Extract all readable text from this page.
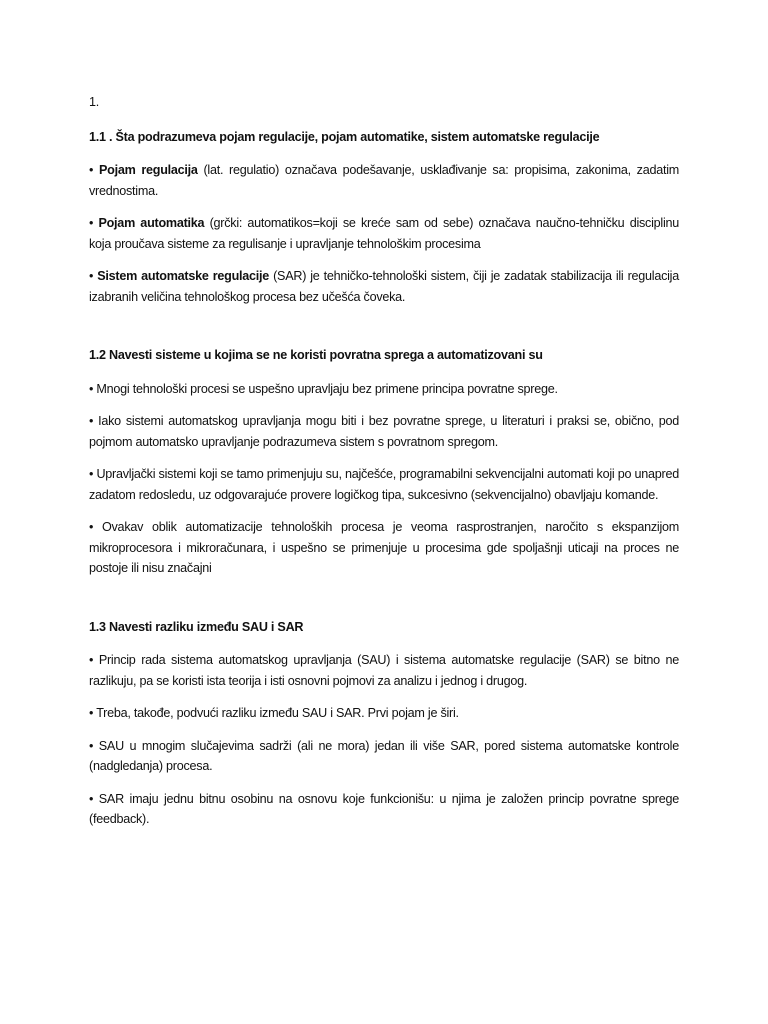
1.

1.1 . Šta podrazumeva pojam regulacije, pojam automatike, sistem automatske regulacije

• Pojam regulacija (lat. regulatio) označava podešavanje, usklađivanje sa: propisima, zakonima, zadatim vrednostima.

• Pojam automatika (grčki: automatikos=koji se kreće sam od sebe) označava naučno-tehničku disciplinu koja proučava sisteme za regulisanje i upravljanje tehnološkim procesima

• Sistem automatske regulacije (SAR) je tehničko-tehnološki sistem, čiji je zadatak stabilizacija ili regulacija izabranih veličina tehnološkog procesa bez učešća čoveka.

1.2 Navesti sisteme u kojima se ne koristi povratna sprega a automatizovani su

• Mnogi tehnološki procesi se uspešno upravljaju bez primene principa povratne sprege.

• Iako sistemi automatskog upravljanja mogu biti i bez povratne sprege, u literaturi i praksi se, obično, pod pojmom automatsko upravljanje podrazumeva sistem s povratnom spregom.

• Upravljački sistemi koji se tamo primenjuju su, najčešće, programabilni sekvencijalni automati koji po unapred zadatom redosledu, uz odgovarajuće provere logičkog tipa, sukcesivno (sekvencijalno) obavljaju komande.

• Ovakav oblik automatizacije tehnoloških procesa je veoma rasprostranjen, naročito s ekspanzijom mikroprocesora i mikroračunara, i uspešno se primenjuje u procesima gde spoljašnji uticaji na proces ne postoje ili nisu značajni

1.3 Navesti razliku između SAU i SAR

• Princip rada sistema automatskog upravljanja (SAU) i sistema automatske regulacije (SAR) se bitno ne razlikuju, pa se koristi ista teorija i isti osnovni pojmovi za analizu i jednog i drugog.

• Treba, takođe, podvući razliku između SAU i SAR. Prvi pojam je širi.

• SAU u mnogim slučajevima sadrži (ali ne mora) jedan ili više SAR, pored sistema automatske kontrole (nadgledanja) procesa.

• SAR imaju jednu bitnu osobinu na osnovu koje funkcionišu: u njima je založen princip povratne sprege (feedback).
